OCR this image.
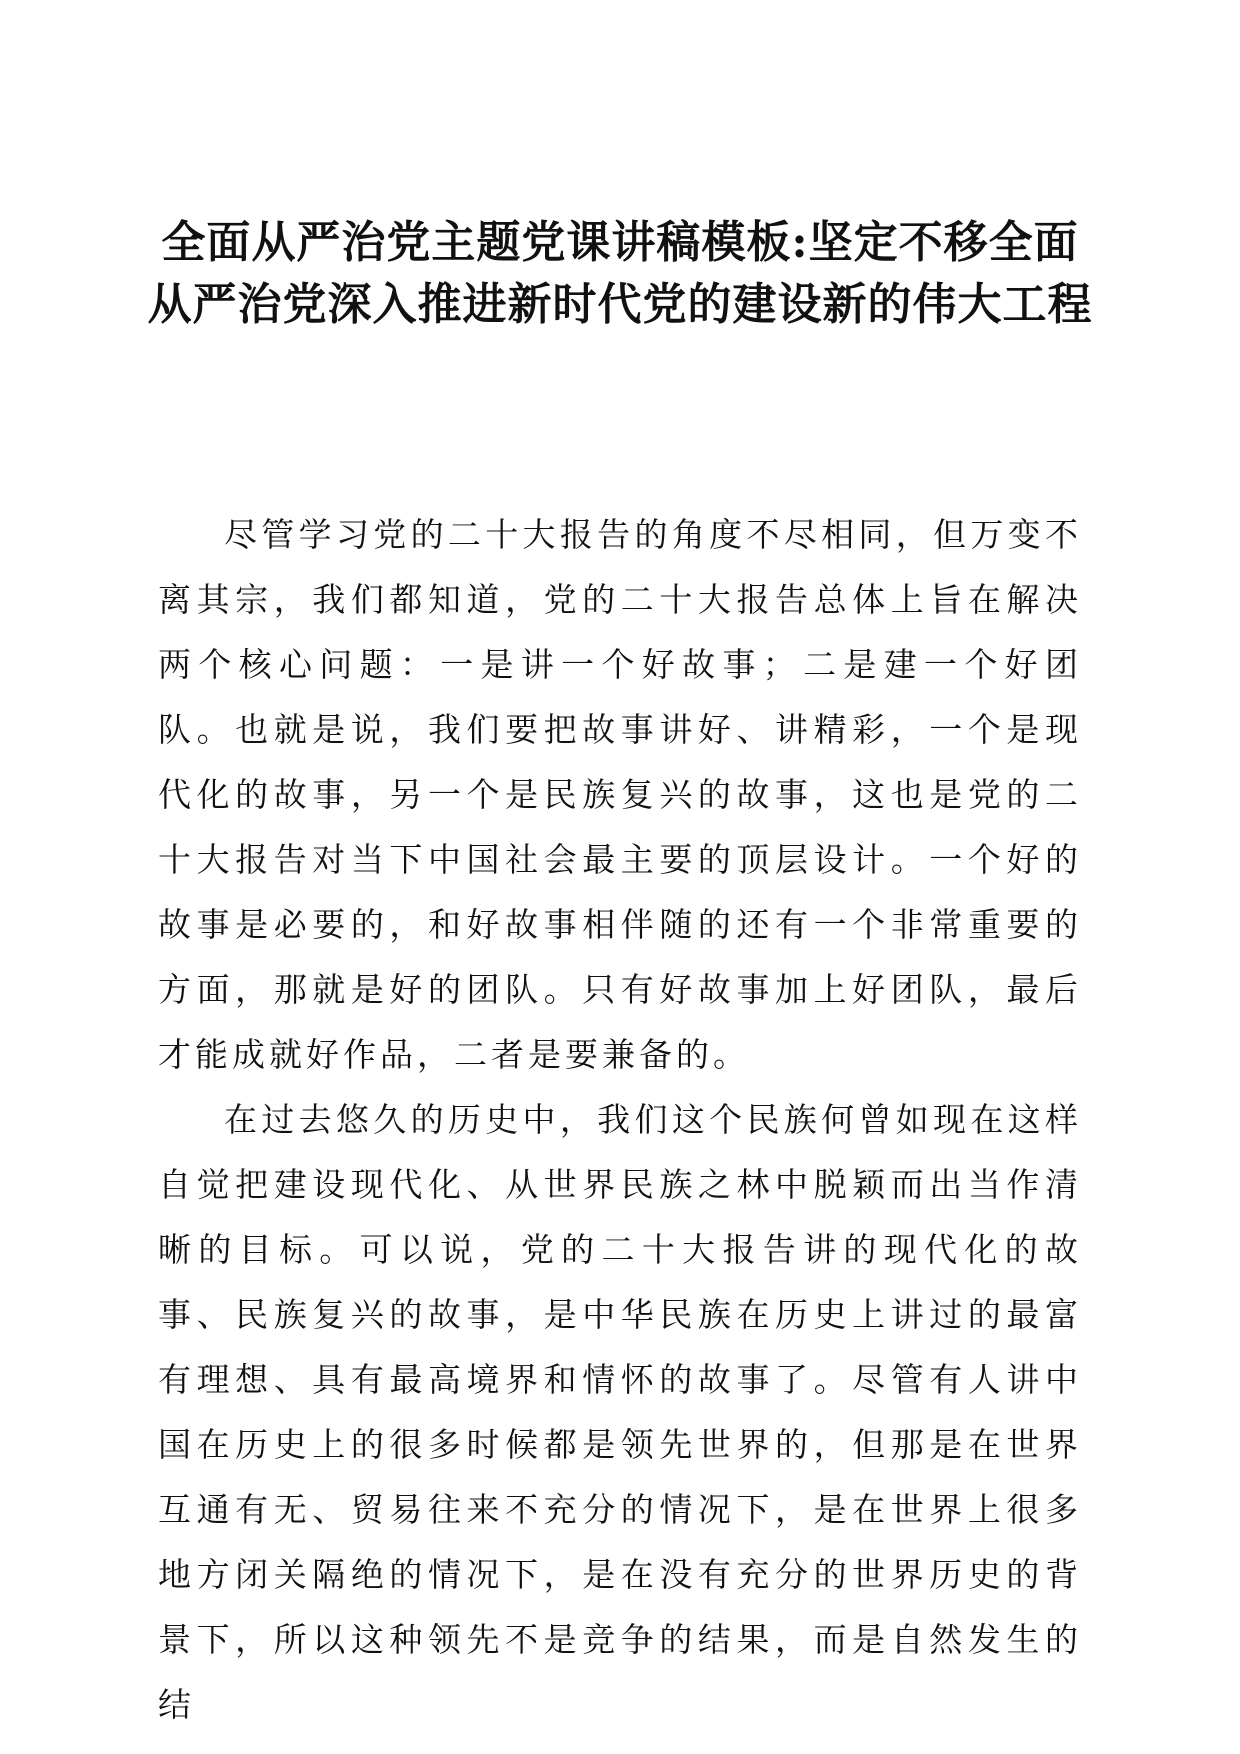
全面从严治党主题党课讲稿模板:坚定不移全面从严治党深入推进新时代党的建设新的伟大工程

尽管学习党的二十大报告的角度不尽相同，但万变不离其宗，我们都知道，党的二十大报告总体上旨在解决两个核心问题：一是讲一个好故事；二是建一个好团队。也就是说，我们要把故事讲好、讲精彩，一个是现代化的故事，另一个是民族复兴的故事，这也是党的二十大报告对当下中国社会最主要的顶层设计。一个好的故事是必要的，和好故事相伴随的还有一个非常重要的方面，那就是好的团队。只有好故事加上好团队，最后才能成就好作品，二者是要兼备的。

在过去悠久的历史中，我们这个民族何曾如现在这样自觉把建设现代化、从世界民族之林中脱颖而出当作清晰的目标。可以说，党的二十大报告讲的现代化的故事、民族复兴的故事，是中华民族在历史上讲过的最富有理想、具有最高境界和情怀的故事了。尽管有人讲中国在历史上的很多时候都是领先世界的，但那是在世界互通有无、贸易往来不充分的情况下，是在世界上很多地方闭关隔绝的情况下，是在没有充分的世界历史的背景下，所以这种领先不是竞争的结果，而是自然发生的结
